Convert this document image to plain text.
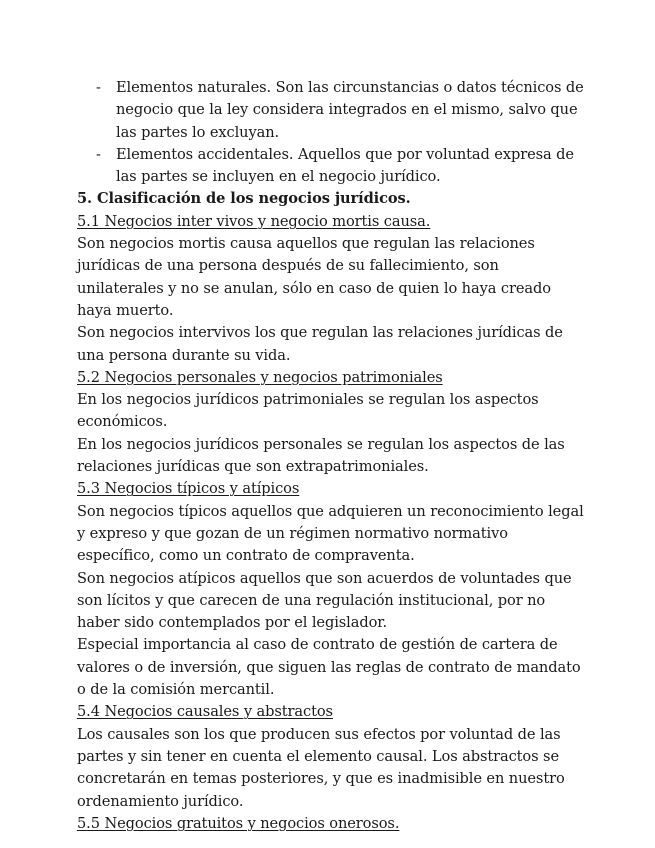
- Elementos naturales. Son las circunstancias o datos técnicos de negocio que la ley considera integrados en el mismo, salvo que las partes lo excluyan.
- Elementos accidentales. Aquellos que por voluntad expresa de las partes se incluyen en el negocio jurídico.

5. Clasificación de los negocios jurídicos.

5.1 Negocios inter vivos y negocio mortis causa.

Son negocios mortis causa aquellos que regulan las relaciones jurídicas de una persona después de su fallecimiento, son unilaterales y no se anulan, sólo en caso de quien lo haya creado haya muerto.

Son negocios intervivos los que regulan las relaciones jurídicas de una persona durante su vida.

5.2 Negocios personales y negocios patrimoniales

En los negocios jurídicos patrimoniales se regulan los aspectos económicos.

En los negocios jurídicos personales se regulan los aspectos de las relaciones jurídicas que son extrapatrimoniales.

5.3 Negocios típicos y atípicos

Son negocios típicos aquellos que adquieren un reconocimiento legal y expreso y que gozan de un régimen normativo normativo específico, como un contrato de compraventa.

Son negocios atípicos aquellos que son acuerdos de voluntades que son lícitos y que carecen de una regulación institucional, por no haber sido contemplados por el legislador.

Especial importancia al caso de contrato de gestión de cartera de valores o de inversión, que siguen las reglas de contrato de mandato o de la comisión mercantil.

5.4 Negocios causales y abstractos

Los causales son los que producen sus efectos por voluntad de las partes y sin tener en cuenta el elemento causal. Los abstractos se concretarán en temas posteriores, y que es inadmisible en nuestro ordenamiento jurídico.

5.5 Negocios gratuitos y negocios onerosos.
